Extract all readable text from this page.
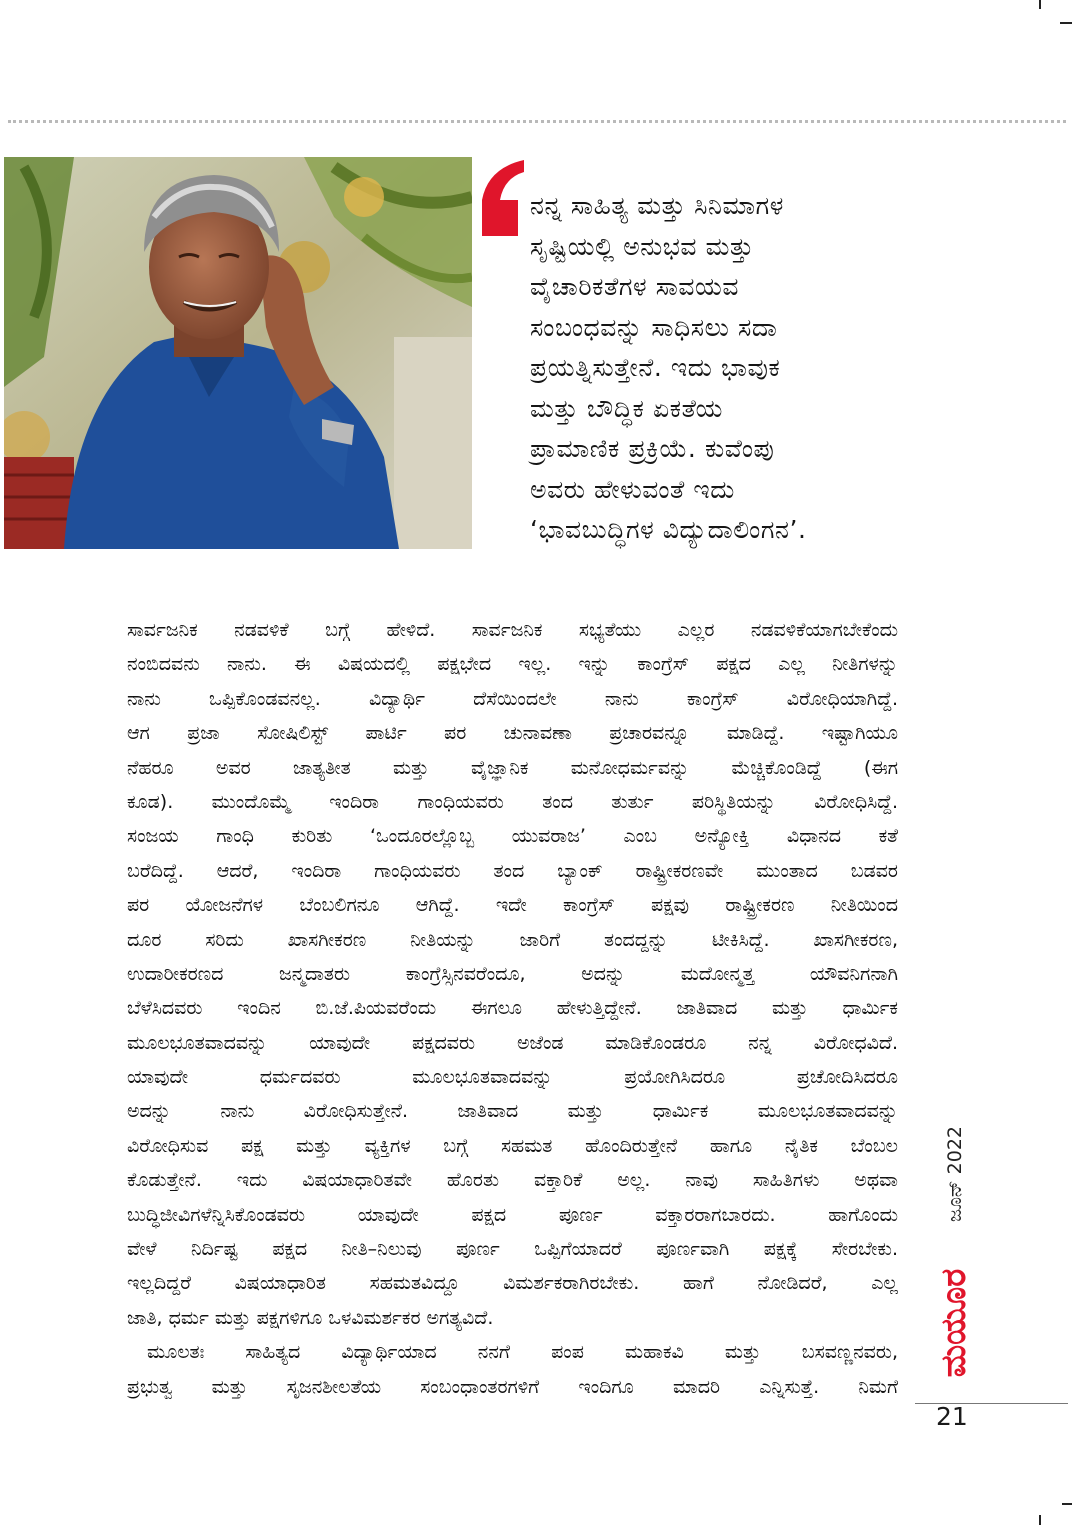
ನನ್ನ ಸಾಹಿತ್ಯ ಮತ್ತು ಸಿನಿಮಾಗಳ
ಸೃಷ್ಟಿಯಲ್ಲಿ ಅನುಭವ ಮತ್ತು
ವೈಚಾರಿಕತೆಗಳ ಸಾವಯವ
ಸಂಬಂಧವನ್ನು ಸಾಧಿಸಲು ಸದಾ
ಪ್ರಯತ್ನಿಸುತ್ತೇನೆ. ಇದು ಭಾವುಕ
ಮತ್ತು ಬೌದ್ಧಿಕ ಏಕತೆಯ
ಪ್ರಾಮಾಣಿಕ ಪ್ರಕ್ರಿಯೆ. ಕುವೆಂಪು
ಅವರು ಹೇಳುವಂತೆ ಇದು
‘ಭಾವಬುದ್ಧಿಗಳ ವಿದ್ಯುದಾಲಿಂಗನ’.
ಸಾರ್ವಜನಿಕ ನಡವಳಿಕೆ ಬಗ್ಗೆ ಹೇಳಿದೆ. ಸಾರ್ವಜನಿಕ ಸಭ್ಯತೆಯು ಎಲ್ಲರ ನಡವಳಿಕೆಯಾಗಬೇಕೆಂದು
ನಂಬಿದವನು ನಾನು. ಈ ವಿಷಯದಲ್ಲಿ ಪಕ್ಷಭೇದ ಇಲ್ಲ. ಇನ್ನು ಕಾಂಗ್ರೆಸ್ ಪಕ್ಷದ ಎಲ್ಲ ನೀತಿಗಳನ್ನು
ನಾನು ಒಪ್ಪಿಕೊಂಡವನಲ್ಲ. ವಿದ್ಯಾರ್ಥಿ ದೆಸೆಯಿಂದಲೇ ನಾನು ಕಾಂಗ್ರೆಸ್ ವಿರೋಧಿಯಾಗಿದ್ದೆ.
ಆಗ ಪ್ರಜಾ ಸೋಷಿಲಿಸ್ಟ್ ಪಾರ್ಟಿ ಪರ ಚುನಾವಣಾ ಪ್ರಚಾರವನ್ನೂ ಮಾಡಿದ್ದೆ. ಇಷ್ಟಾಗಿಯೂ
ನೆಹರೂ ಅವರ ಜಾತ್ಯತೀತ ಮತ್ತು ವೈಜ್ಞಾನಿಕ ಮನೋಧರ್ಮವನ್ನು ಮೆಚ್ಚಿಕೊಂಡಿದ್ದೆ (ಈಗ
ಕೂಡ). ಮುಂದೊಮ್ಮೆ ಇಂದಿರಾ ಗಾಂಧಿಯವರು ತಂದ ತುರ್ತು ಪರಿಸ್ಥಿತಿಯನ್ನು ವಿರೋಧಿಸಿದ್ದೆ.
ಸಂಜಯ ಗಾಂಧಿ ಕುರಿತು ‘ಒಂದೂರಲ್ಲೊಬ್ಬ ಯುವರಾಜ’ ಎಂಬ ಅನ್ಯೋಕ್ತಿ ವಿಧಾನದ ಕತೆ
ಬರೆದಿದ್ದೆ. ಆದರೆ, ಇಂದಿರಾ ಗಾಂಧಿಯವರು ತಂದ ಬ್ಯಾಂಕ್ ರಾಷ್ಟ್ರೀಕರಣವೇ ಮುಂತಾದ ಬಡವರ
ಪರ ಯೋಜನೆಗಳ ಬೆಂಬಲಿಗನೂ ಆಗಿದ್ದೆ. ಇದೇ ಕಾಂಗ್ರೆಸ್ ಪಕ್ಷವು ರಾಷ್ಟ್ರೀಕರಣ ನೀತಿಯಿಂದ
ದೂರ ಸರಿದು ಖಾಸಗೀಕರಣ ನೀತಿಯನ್ನು ಜಾರಿಗೆ ತಂದದ್ದನ್ನು ಟೀಕಿಸಿದ್ದೆ. ಖಾಸಗೀಕರಣ,
ಉದಾರೀಕರಣದ ಜನ್ಮದಾತರು ಕಾಂಗ್ರೆಸ್ಸಿನವರೆಂದೂ, ಅದನ್ನು ಮದೋನ್ಮತ್ತ ಯೌವನಿಗನಾಗಿ
ಬೆಳೆಸಿದವರು ಇಂದಿನ ಬಿ.ಜೆ.ಪಿಯವರೆಂದು ಈಗಲೂ ಹೇಳುತ್ತಿದ್ದೇನೆ. ಜಾತಿವಾದ ಮತ್ತು ಧಾರ್ಮಿಕ
ಮೂಲಭೂತವಾದವನ್ನು ಯಾವುದೇ ಪಕ್ಷದವರು ಅಜೆಂಡ ಮಾಡಿಕೊಂಡರೂ ನನ್ನ ವಿರೋಧವಿದೆ.
ಯಾವುದೇ ಧರ್ಮದವರು ಮೂಲಭೂತವಾದವನ್ನು ಪ್ರಯೋಗಿಸಿದರೂ ಪ್ರಚೋದಿಸಿದರೂ
ಅದನ್ನು ನಾನು ವಿರೋಧಿಸುತ್ತೇನೆ. ಜಾತಿವಾದ ಮತ್ತು ಧಾರ್ಮಿಕ ಮೂಲಭೂತವಾದವನ್ನು
ವಿರೋಧಿಸುವ ಪಕ್ಷ ಮತ್ತು ವ್ಯಕ್ತಿಗಳ ಬಗ್ಗೆ ಸಹಮತ ಹೊಂದಿರುತ್ತೇನೆ ಹಾಗೂ ನೈತಿಕ ಬೆಂಬಲ
ಕೊಡುತ್ತೇನೆ. ಇದು ವಿಷಯಾಧಾರಿತವೇ ಹೊರತು ವಕ್ತಾರಿಕೆ ಅಲ್ಲ. ನಾವು ಸಾಹಿತಿಗಳು ಅಥವಾ
ಬುದ್ಧಿಜೀವಿಗಳೆನ್ನಿಸಿಕೊಂಡವರು ಯಾವುದೇ ಪಕ್ಷದ ಪೂರ್ಣ ವಕ್ತಾರರಾಗಬಾರದು. ಹಾಗೊಂದು
ವೇಳೆ ನಿರ್ದಿಷ್ಟ ಪಕ್ಷದ ನೀತಿ–ನಿಲುವು ಪೂರ್ಣ ಒಪ್ಪಿಗೆಯಾದರೆ ಪೂರ್ಣವಾಗಿ ಪಕ್ಷಕ್ಕೆ ಸೇರಬೇಕು.
ಇಲ್ಲದಿದ್ದರೆ ವಿಷಯಾಧಾರಿತ ಸಹಮತವಿದ್ದೂ ವಿಮರ್ಶಕರಾಗಿರಬೇಕು. ಹಾಗೆ ನೋಡಿದರೆ, ಎಲ್ಲ
ಜಾತಿ, ಧರ್ಮ ಮತ್ತು ಪಕ್ಷಗಳಿಗೂ ಒಳವಿಮರ್ಶಕರ ಅಗತ್ಯವಿದೆ.
ಮೂಲತಃ ಸಾಹಿತ್ಯದ ವಿದ್ಯಾರ್ಥಿಯಾದ ನನಗೆ ಪಂಪ ಮಹಾಕವಿ ಮತ್ತು ಬಸವಣ್ಣನವರು,
ಪ್ರಭುತ್ವ ಮತ್ತು ಸೃಜನಶೀಲತೆಯ ಸಂಬಂಧಾಂತರಗಳಿಗೆ ಇಂದಿಗೂ ಮಾದರಿ ಎನ್ನಿಸುತ್ತೆ. ನಿಮಗೆ
ಜೂನ್ 2022
ಮಯೂರ
21
